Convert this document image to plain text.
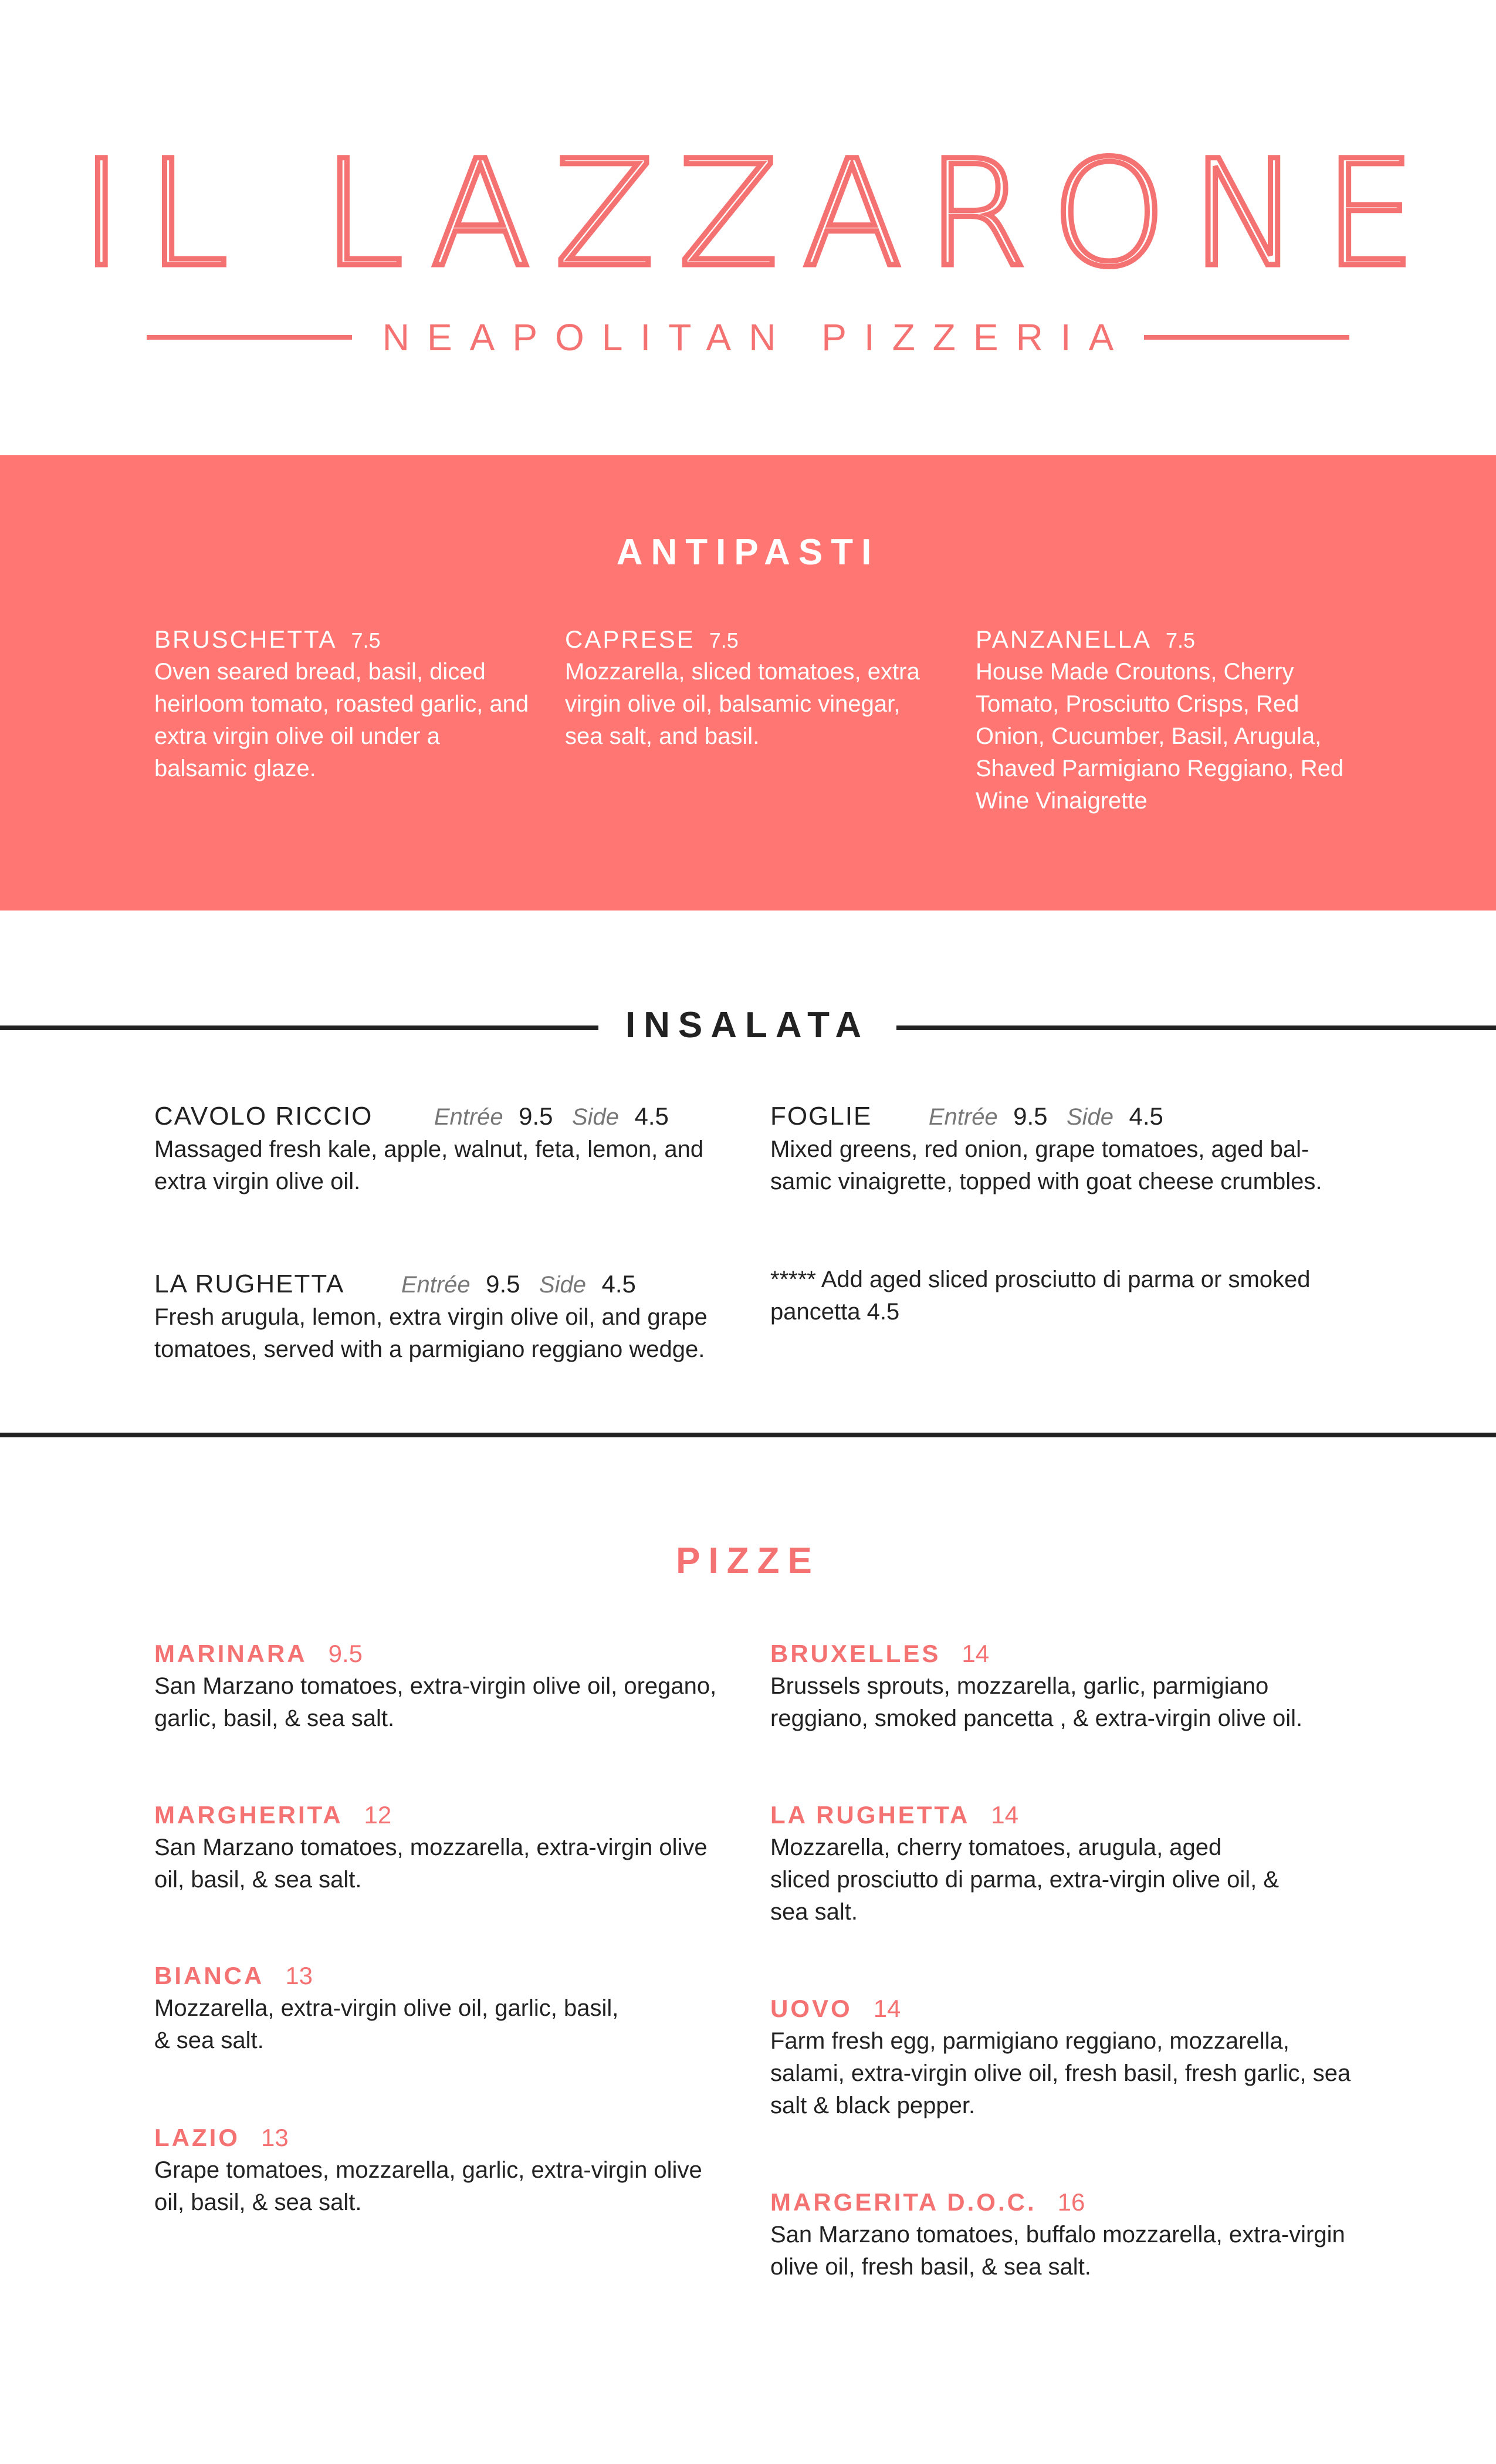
IL LAZZARONE
NEAPOLITAN PIZZERIA
ANTIPASTI
BRUSCHETTA 7.5
Oven seared bread, basil, diced heirloom tomato, roasted garlic, and extra virgin olive oil under a balsamic glaze.
CAPRESE 7.5
Mozzarella, sliced tomatoes, extra virgin olive oil, balsamic vinegar, sea salt, and basil.
PANZANELLA 7.5
House Made Croutons, Cherry Tomato, Prosciutto Crisps, Red Onion, Cucumber, Basil, Arugula, Shaved Parmigiano Reggiano, Red Wine Vinaigrette
INSALATA
CAVOLO RICCIO	Entrée 9.5 Side 4.5
Massaged fresh kale, apple, walnut, feta, lemon, and extra virgin olive oil.
FOGLIE Entrée 9.5 Side 4.5
Mixed greens, red onion, grape tomatoes, aged bal-samic vinaigrette, topped with goat cheese crumbles.
LA RUGHETTA Entrée 9.5 Side 4.5
Fresh arugula, lemon, extra virgin olive oil, and grape tomatoes, served with a parmigiano reggiano wedge.
***** Add aged sliced prosciutto di parma or smoked pancetta 4.5
PIZZE
MARINARA 9.5
San Marzano tomatoes, extra-virgin olive oil, oregano, garlic, basil, & sea salt.
MARGHERITA 12
San Marzano tomatoes, mozzarella, extra-virgin olive oil, basil, & sea salt.
BIANCA 13
Mozzarella, extra-virgin olive oil, garlic, basil, & sea salt.
LAZIO 13
Grape tomatoes, mozzarella, garlic, extra-virgin olive oil, basil, & sea salt.
BRUXELLES 14
Brussels sprouts, mozzarella, garlic, parmigiano reggiano, smoked pancetta , & extra-virgin olive oil.
LA RUGHETTA 14
Mozzarella, cherry tomatoes, arugula, aged sliced prosciutto di parma, extra-virgin olive oil, & sea salt.
UOVO 14
Farm fresh egg, parmigiano reggiano, mozzarella, salami, extra-virgin olive oil, fresh basil, fresh garlic, sea salt & black pepper.
MARGERITA D.O.C. 16
San Marzano tomatoes, buffalo mozzarella, extra-virgin olive oil, fresh basil, & sea salt.
